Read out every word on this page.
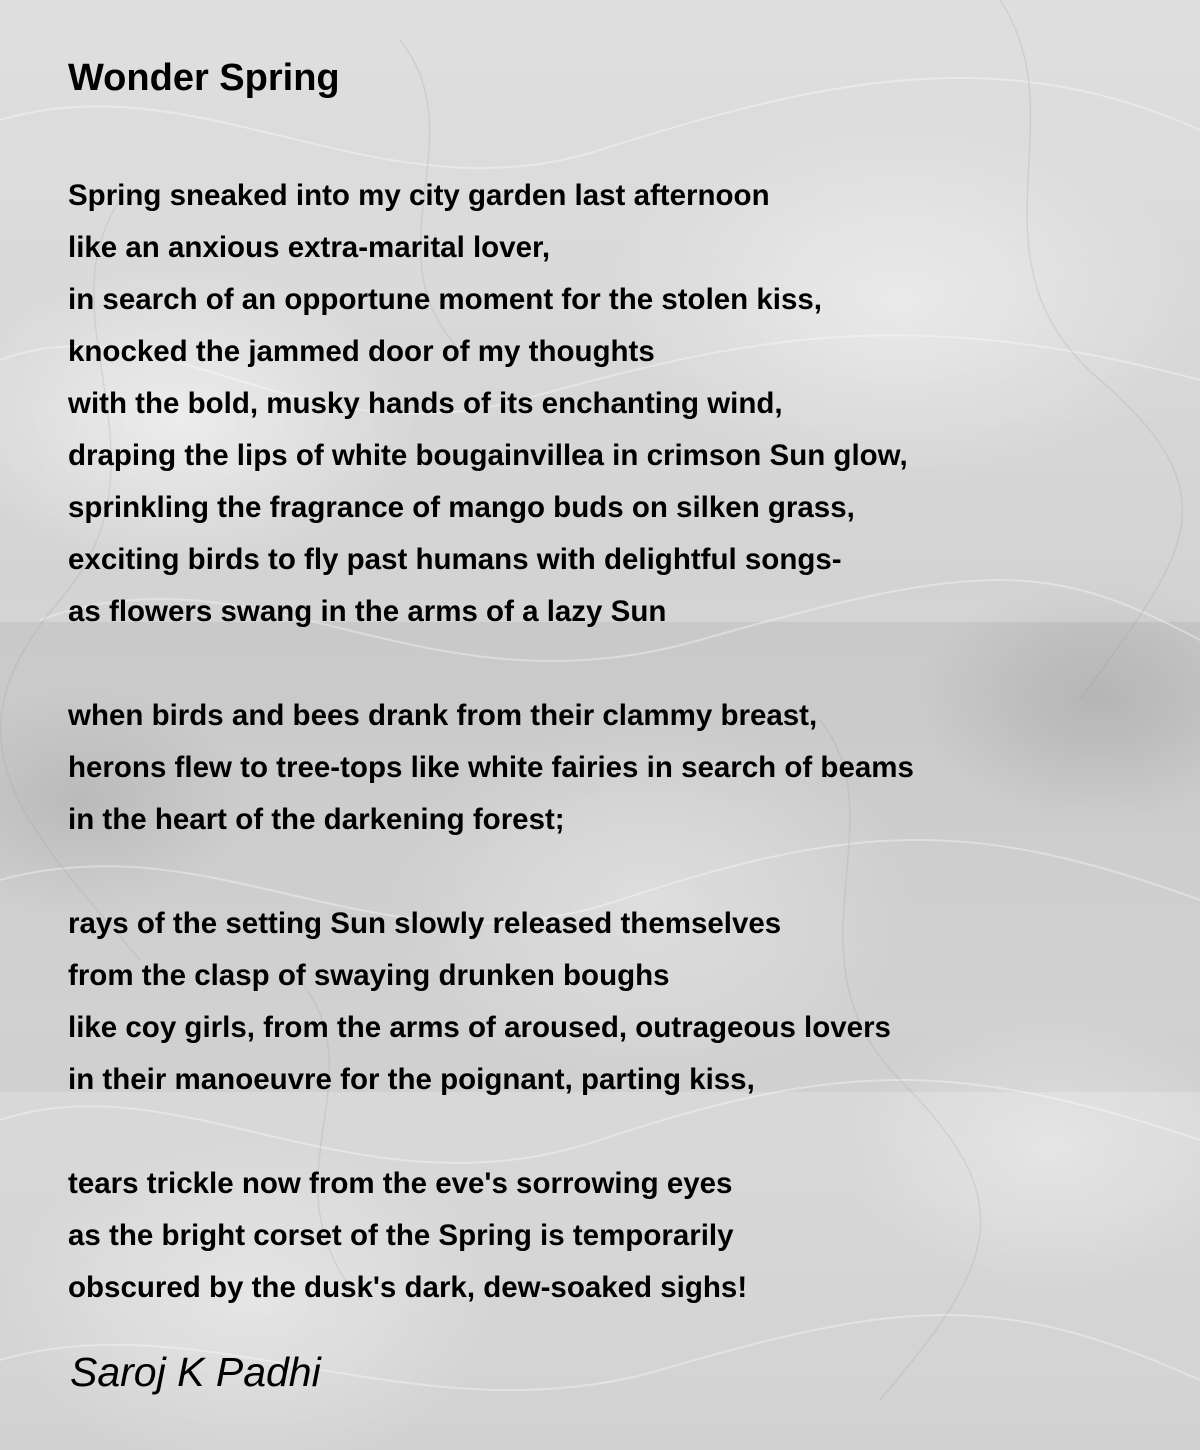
Wonder Spring
Spring sneaked into my city garden last afternoon
like an anxious extra-marital lover,
in search of an opportune moment for the stolen kiss,
knocked the jammed door of my thoughts
with the bold, musky hands of its enchanting wind,
draping the lips of white bougainvillea in crimson Sun glow,
sprinkling the fragrance of mango buds on silken grass,
exciting birds to fly past humans with delightful songs-
as flowers swang in the arms of a lazy Sun
when birds and bees drank from their clammy breast,
herons flew to tree-tops like white fairies in search of beams
in the heart of the darkening forest;
rays of the setting Sun slowly released themselves
from the clasp of swaying drunken boughs
like coy girls, from the arms of aroused, outrageous lovers
in their manoeuvre for the poignant, parting kiss,
tears trickle now from the eve's sorrowing eyes
as the bright corset of the Spring is temporarily
obscured by the dusk's dark, dew-soaked sighs!
Saroj K Padhi
